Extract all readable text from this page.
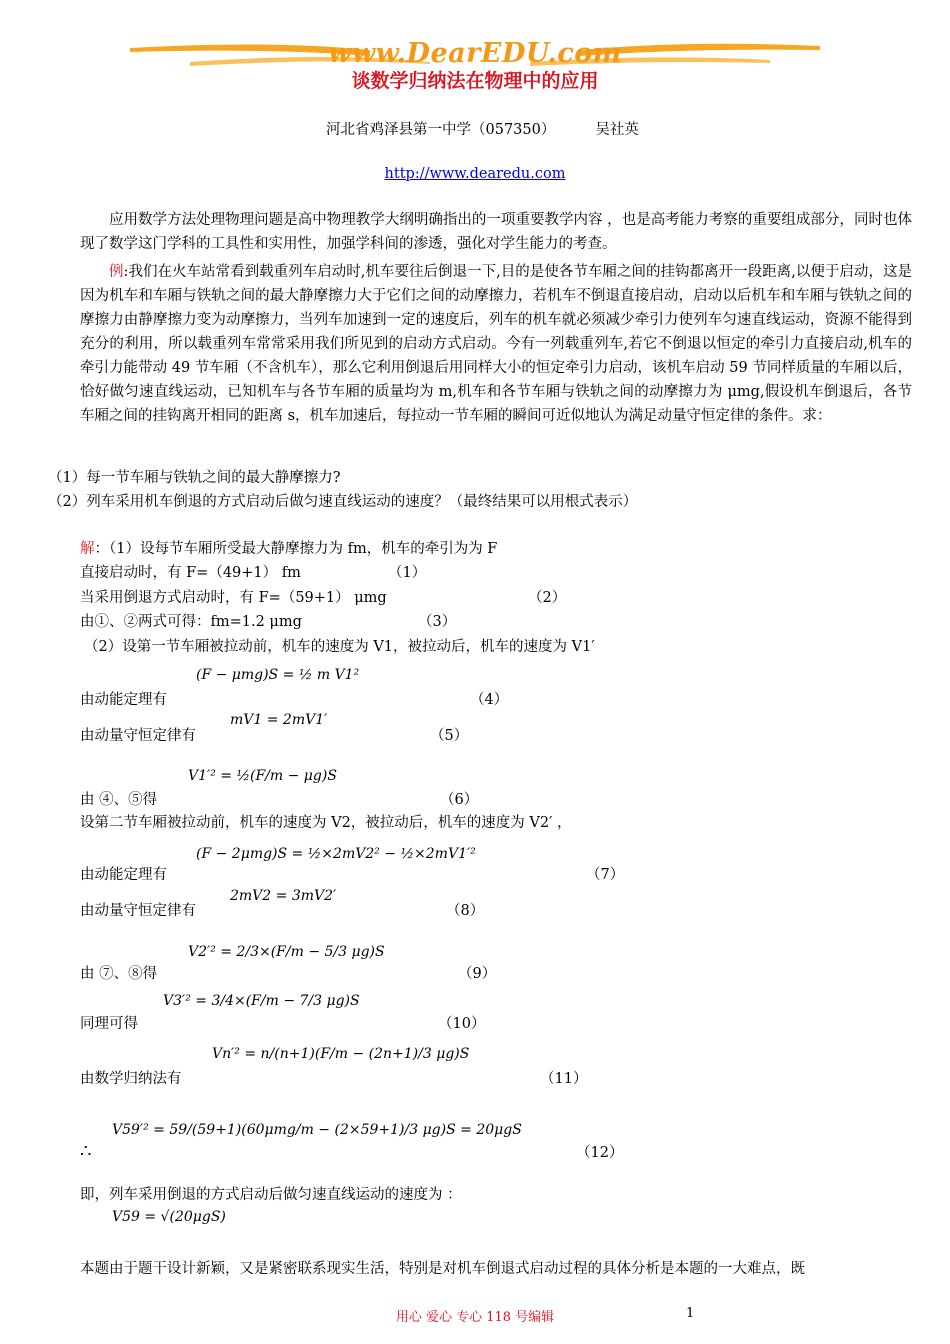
www.DearEDU.com
谈数学归纳法在物理中的应用
河北省鸡泽县第一中学（057350）	吴社英
http://www.dearedu.com
应用数学方法处理物理问题是高中物理教学大纲明确指出的一项重要教学内容 ，也是高考能力考察的重要组成部分，同时也体现了数学这门学科的工具性和实用性，加强学科间的渗透，强化对学生能力的考查。
例:我们在火车站常看到载重列车启动时,机车要往后倒退一下,目的是使各节车厢之间的挂钩都离开一段距离,以便于启动，这是因为机车和车厢与铁轨之间的最大静摩擦力大于它们之间的动摩擦力，若机车不倒退直接启动，启动以后机车和车厢与铁轨之间的摩擦力由静摩擦力变为动摩擦力，当列车加速到一定的速度后，列车的机车就必须减少牵引力使列车匀速直线运动，资源不能得到充分的利用，所以载重列车常常采用我们所见到的启动方式启动。今有一列载重列车,若它不倒退以恒定的牵引力直接启动,机车的牵引力能带动 49 节车厢（不含机车），那么它利用倒退后用同样大小的恒定牵引力启动，该机车启动 59 节同样质量的车厢以后，恰好做匀速直线运动，已知机车与各节车厢的质量均为 m,机车和各节车厢与铁轨之间的动摩擦力为 μmg,假设机车倒退后，各节车厢之间的挂钩离开相同的距离 s，机车加速后，每拉动一节车厢的瞬间可近似地认为满足动量守恒定律的条件。求：
（1）每一节车厢与铁轨之间的最大静摩擦力?
（2）列车采用机车倒退的方式启动后做匀速直线运动的速度？（最终结果可以用根式表示）
解：（1）设每节车厢所受最大静摩擦力为 fm，机车的牵引为为 F
直接启动时，有 F=（49+1） fm	（1）
当采用倒退方式启动时，有 F=（59+1） μmg	（2）
由①、②两式可得：fm=1.2 μmg	（3）
（2）设第一节车厢被拉动前，机车的速度为 V1，被拉动后，机车的速度为 V1′
(F − μmg)S = ½ m V1²
由动能定理有	（4）
mV1 = 2mV1′
由动量守恒定律有	（5）
V1′² = ½(F/m − μg)S
由 ④、⑤得	（6）
设第二节车厢被拉动前，机车的速度为 V2，被拉动后，机车的速度为 V2′ ，
(F − 2μmg)S = ½×2mV2² − ½×2mV1′²
由动能定理有	（7）
2mV2 = 3mV2′
由动量守恒定律有	（8）
V2′² = 2/3×(F/m − 5/3 μg)S
由 ⑦、⑧得	（9）
V3′² = 3/4×(F/m − 7/3 μg)S
同理可得	（10）
Vn′² = n/(n+1)(F/m − (2n+1)/3 μg)S
由数学归纳法有	（11）
V59′² = 59/(59+1)(60μmg/m − (2×59+1)/3 μg)S = 20μgS
∴	（12）
即，列车采用倒退的方式启动后做匀速直线运动的速度为 ：
V59 = √(20μgS)
本题由于题干设计新颖，又是紧密联系现实生活，特别是对机车倒退式启动过程的具体分析是本题的一大难点，既
用心 爱心 专心 118 号编辑	1
